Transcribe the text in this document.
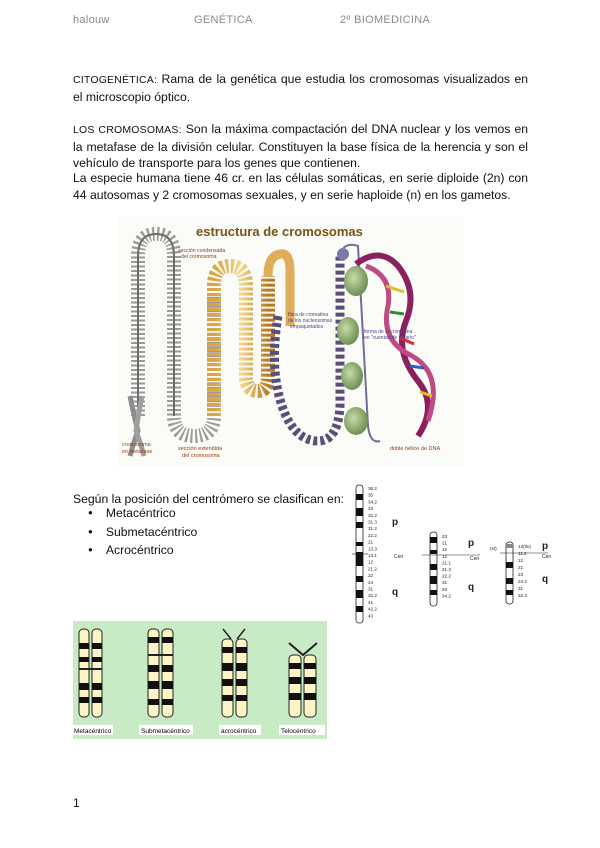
halouw	GENÉTICA	2º BIOMEDICINA

CITOGENÉTICA: Rama de la genética que estudia los cromosomas visualizados en el microscopio óptico.

LOS CROMOSOMAS: Son la máxima compactación del DNA nuclear y los vemos en la metafase de la división celular. Constituyen la base física de la herencia y son el vehículo de transporte para los genes que contienen.

La especie humana tiene 46 cr. en las células somáticas, en serie diploide (2n) con 44 autosomas y 2 cromosomas sexuales, y en serie haploide (n) en los gametos.

estructura de cromosomas
sección condensada
del cromosoma
fibra de cromatina
de los nucleosomas
empaquetados
forma de la cromatina
en "cuentas de rosario"
cromosoma
en metafase	sección extendida
del cromosoma
doble hélice de DNA
Según la posición del centrómero se clasifican en:
● Metacéntrico
● Submetacéntrico
● Acrocéntrico
36.2
35
34.2
33
32.2
31.3
31.2
22.2
21
13.3
13.1
12
21.2
22
24
31
32.2
41
42.2
43
p
q
Cen
23
21
12
12
21.1
21.3
22.2
31
33
34.2
p
q
Cen
(st)	13(tlo)
11.2
12
21
23
24.2
31
32.2
p
q
Cen
Metacéntrico	Submetacéntrico	acrocéntrico	Telocéntrico
1
